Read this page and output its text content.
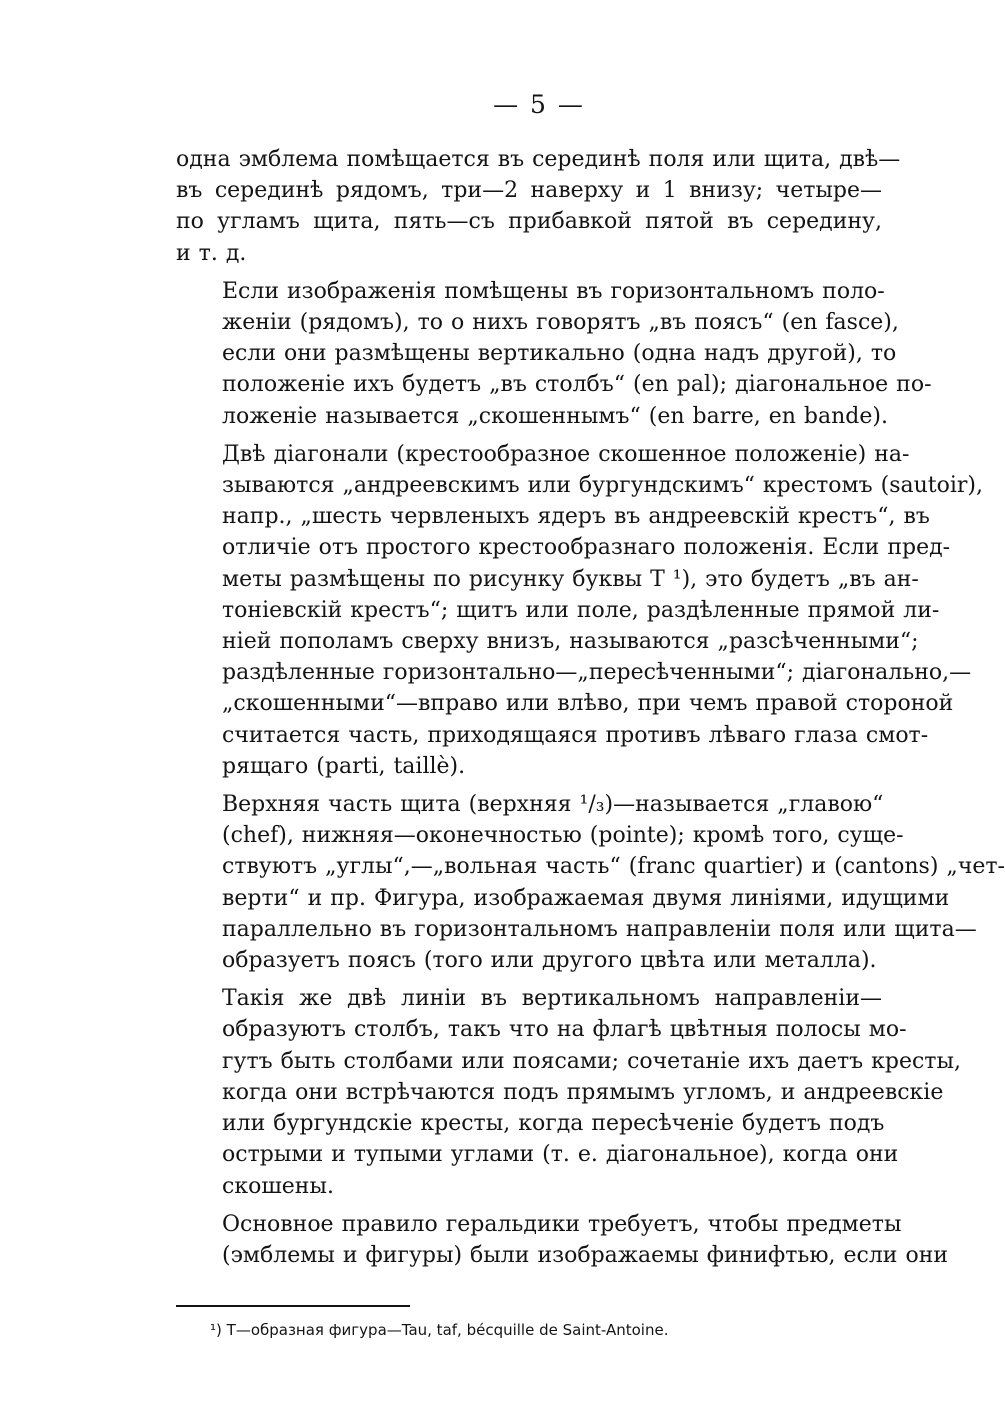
— 5 —
одна эмблема помѣщается въ серединѣ поля или щита, двѣ—
въ серединѣ рядомъ, три—2 наверху и 1 внизу; четыре—
по угламъ щита, пять—съ прибавкой пятой въ середину,
и т. д.
Если изображенія помѣщены въ горизонтальномъ поло-
женіи (рядомъ), то о нихъ говорятъ „въ поясъ“ (en fasce),
если они размѣщены вертикально (одна надъ другой), то
положеніе ихъ будетъ „въ столбъ“ (en pal); діагональное по-
ложеніе называется „скошеннымъ“ (en barre, en bande).
Двѣ діагонали (крестообразное скошенное положеніе) на-
зываются „андреевскимъ или бургундскимъ“ крестомъ (sautoir),
напр., „шесть червленыхъ ядеръ въ андреевскій крестъ“, въ
отличіе отъ простого крестообразнаго положенія. Если пред-
меты размѣщены по рисунку буквы Т ¹), это будетъ „въ ан-
тоніевскій крестъ“; щитъ или поле, раздѣленные прямой ли-
ніей пополамъ сверху внизъ, называются „разсѣченными“;
раздѣленные горизонтально—„пересѣченными“; діагонально,—
„скошенными“—вправо или влѣво, при чемъ правой стороной
считается часть, приходящаяся противъ лѣваго глаза смот-
рящаго (parti, taillè).
Верхняя часть щита (верхняя ¹/₃)—называется „главою“
(chef), нижняя—оконечностью (pointe); кромѣ того, суще-
ствуютъ „углы“,—„вольная часть“ (franc quartier) и (cantons) „чет-
верти“ и пр. Фигура, изображаемая двумя линіями, идущими
параллельно въ горизонтальномъ направленіи поля или щита—
образуетъ поясъ (того или другого цвѣта или металла).
Такія же двѣ линіи въ вертикальномъ направленіи—
образуютъ столбъ, такъ что на флагѣ цвѣтныя полосы мо-
гутъ быть столбами или поясами; сочетаніе ихъ даетъ кресты,
когда они встрѣчаются подъ прямымъ угломъ, и андреевскіе
или бургундскіе кресты, когда пересѣченіе будетъ подъ
острыми и тупыми углами (т. е. діагональное), когда они
скошены.
Основное правило геральдики требуетъ, чтобы предметы
(эмблемы и фигуры) были изображаемы финифтью, если они
¹) Т—образная фигура—Tau, taf, bécquille de Saint-Antoine.
